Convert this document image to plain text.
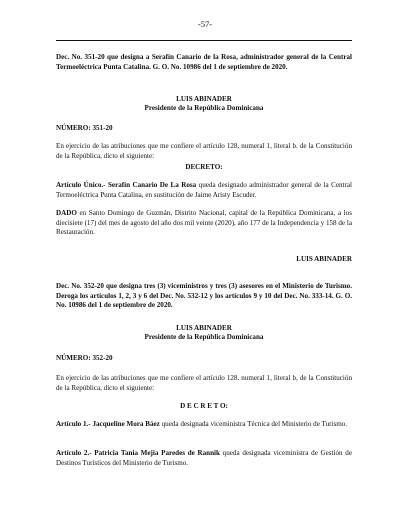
-57-

Dec. No. 351-20 que designa a Serafín Canario de la Rosa, administrador general de la Central Termoeléctrica Punta Catalina. G. O. No. 10986 del 1 de septiembre de 2020.

LUIS ABINADER

Presidente de la República Dominicana

NÚMERO: 351-20

En ejercicio de las atribuciones que me confiere el artículo 128, numeral 1, literal b. de la Constitución de la República, dicto el siguiente:

DECRETO:

Artículo Único.- Serafín Canario De La Rosa queda designado administrador general de la Central Termoeléctrica Punta Catalina, en sustitución de Jaime Aristy Escuder.

DADO en Santo Domingo de Guzmán, Distrito Nacional, capital de la República Dominicana, a los diecisiete (17) del mes de agosto del año dos mil veinte (2020), año 177 de la Independencia y 158 de la Restauración.

LUIS ABINADER

Dec. No. 352-20 que designa tres (3) viceministros y tres (3) asesores en el Ministerio de Turismo. Deroga los artículos 1, 2, 3 y 6 del Dec. No. 532-12 y los artículos 9 y 10 del Dec. No. 333-14. G. O. No. 10986 del 1 de septiembre de 2020.

LUIS ABINADER

Presidente de la República Dominicana

NÚMERO: 352-20

En ejercicio de las atribuciones que me confiere el artículo 128. numeral 1, literal b, de la Constitución de la República, dicto el siguiente:

D E C R E T O:

Artículo 1.- Jacqueline Mora Báez queda designada viceministra Técnica del Ministerio de Turismo.

Artículo 2.- Patricia Tania Mejía Paredes de Rannik queda designada viceministra de Gestión de Destinos Turísticos del Ministerio de Turismo.
